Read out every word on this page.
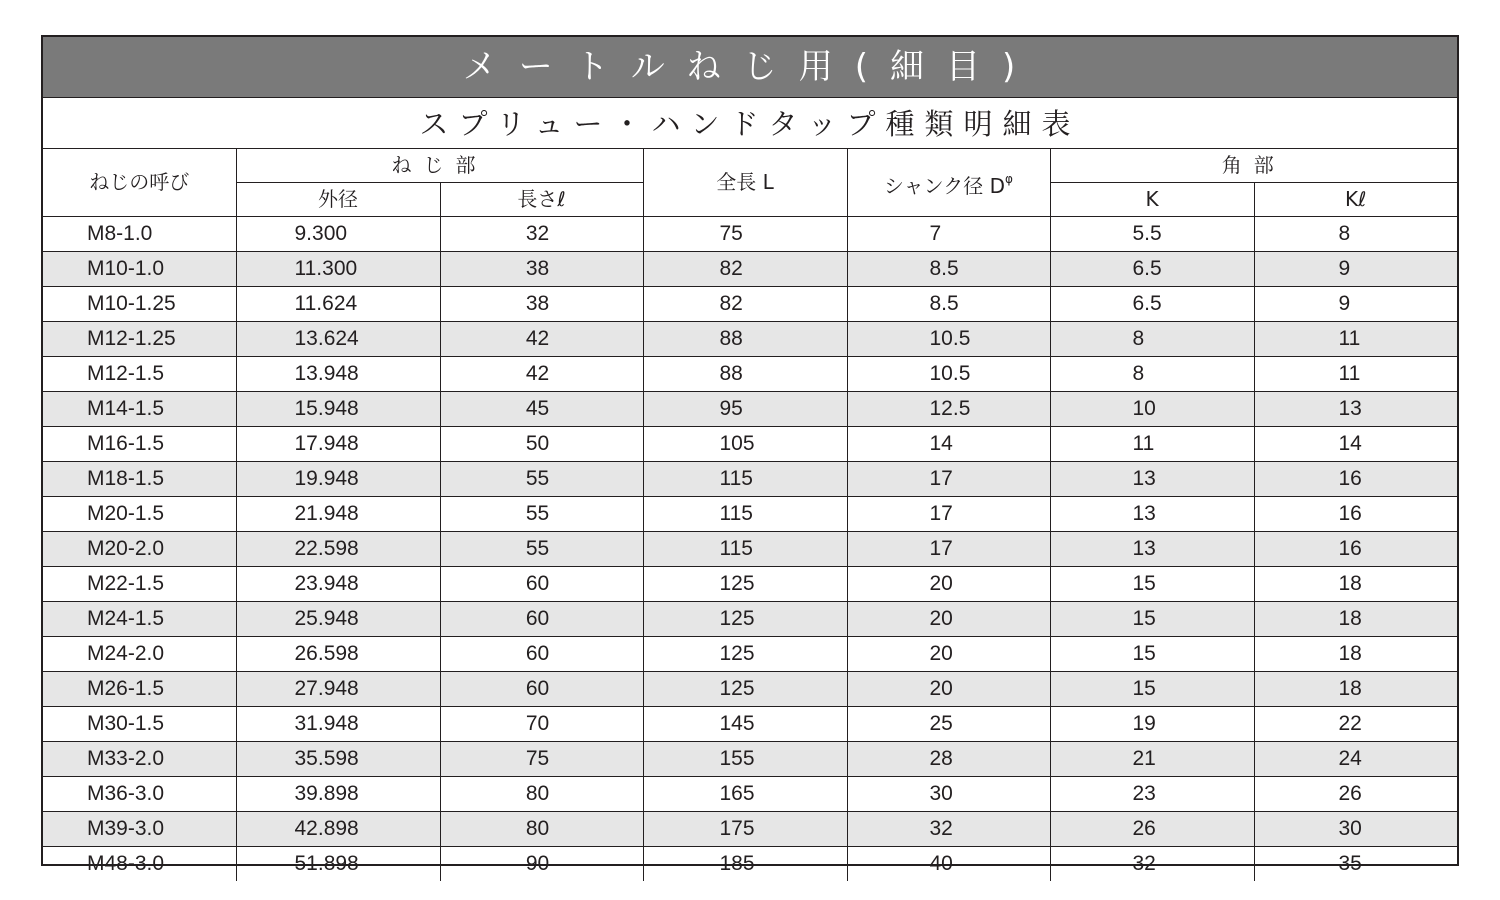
メートルねじ用(細目)
スプリュー・ハンドタップ種類明細表
ねじの呼び	ねじ部		全長 L	シャンク径 $D^\varphi$	角部	
	外径	長さℓ			K	Kℓ
M8-1.0	9.300	32	75	7	5.5	8
M10-1.0	11.300	38	82	8.5	6.5	9
M10-1.25	11.624	38	82	8.5	6.5	9
M12-1.25	13.624	42	88	10.5	8	11
M12-1.5	13.948	42	88	10.5	8	11
M14-1.5	15.948	45	95	12.5	10	13
M16-1.5	17.948	50	105	14	11	14
M18-1.5	19.948	55	115	17	13	16
M20-1.5	21.948	55	115	17	13	16
M20-2.0	22.598	55	115	17	13	16
M22-1.5	23.948	60	125	20	15	18
M24-1.5	25.948	60	125	20	15	18
M24-2.0	26.598	60	125	20	15	18
M26-1.5	27.948	60	125	20	15	18
M30-1.5	31.948	70	145	25	19	22
M33-2.0	35.598	75	155	28	21	24
M36-3.0	39.898	80	165	30	23	26
M39-3.0	42.898	80	175	32	26	30
M48-3.0	51.898	90	185	40	32	35
